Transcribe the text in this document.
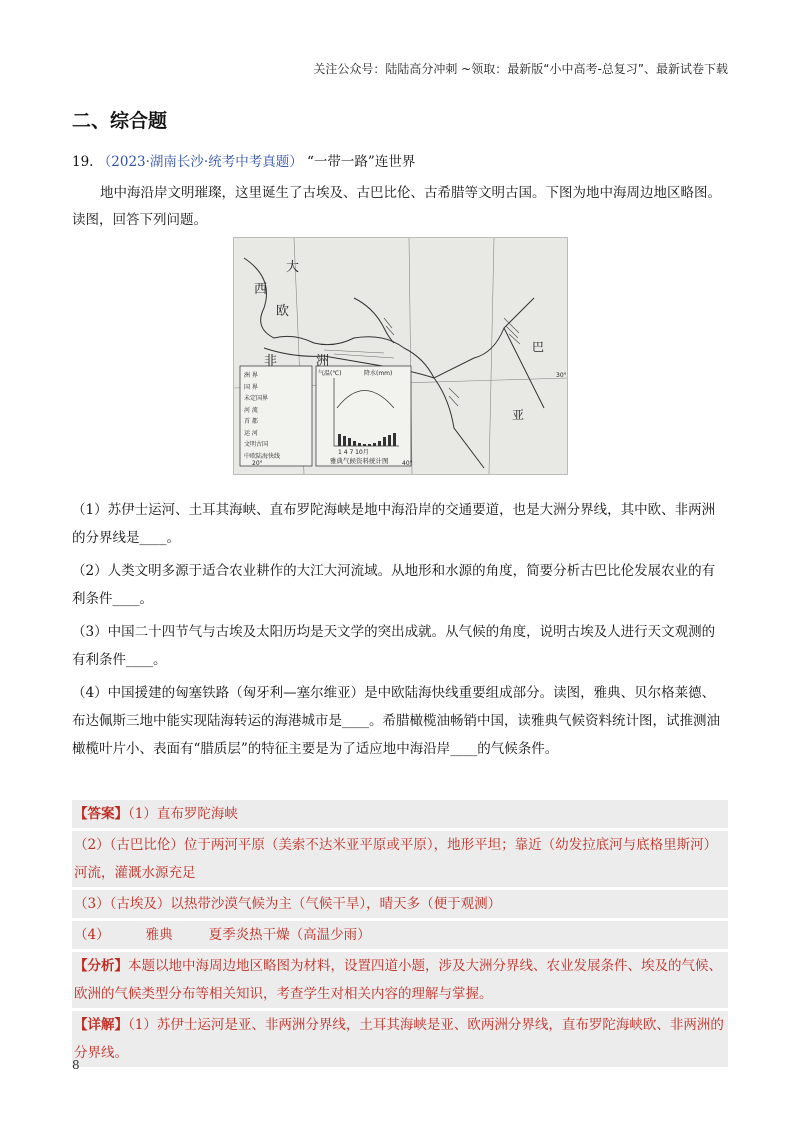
关注公众号：陆陆高分冲刺 ~领取：最新版“小中高考-总复习”、最新试卷下载
二、综合题
19. （2023·湖南长沙·统考中考真题） “一带一路”连世界
地中海沿岸文明璀璨，这里诞生了古埃及、古巴比伦、古希腊等文明古国。下图为地中海周边地区略图。读图，回答下列问题。
大
西
欧
非	洲
巴
亚
20°	40°
30°
洲 界
国 界
未定国界
河 流
首 都
运 河
文明古国
中欧陆海快线
气温(℃)	降水(mm)
1 4 7 10月
雅典气候资料统计图

（1）苏伊士运河、土耳其海峡、直布罗陀海峡是地中海沿岸的交通要道，也是大洲分界线，其中欧、非两洲的分界线是____。

（2）人类文明多源于适合农业耕作的大江大河流域。从地形和水源的角度，简要分析古巴比伦发展农业的有利条件____。

（3）中国二十四节气与古埃及太阳历均是天文学的突出成就。从气候的角度，说明古埃及人进行天文观测的有利条件____。

（4）中国援建的匈塞铁路（匈牙利—塞尔维亚）是中欧陆海快线重要组成部分。读图，雅典、贝尔格莱德、布达佩斯三地中能实现陆海转运的海港城市是____。希腊橄榄油畅销中国，读雅典气候资料统计图，试推测油橄榄叶片小、表面有“腊质层”的特征主要是为了适应地中海沿岸____的气候条件。

【答案】（1）直布罗陀海峡

（2）（古巴比伦）位于两河平原（美索不达米亚平原或平原），地形平坦；靠近（幼发拉底河与底格里斯河）河流，灌溉水源充足

（3）（古埃及）以热带沙漠气候为主（气候干旱），晴天多（便于观测）

（4）	雅典	夏季炎热干燥（高温少雨）

【分析】本题以地中海周边地区略图为材料，设置四道小题，涉及大洲分界线、农业发展条件、埃及的气候、欧洲的气候类型分布等相关知识，考查学生对相关内容的理解与掌握。

【详解】（1）苏伊士运河是亚、非两洲分界线，土耳其海峡是亚、欧两洲分界线，直布罗陀海峡欧、非两洲的分界线。

8
